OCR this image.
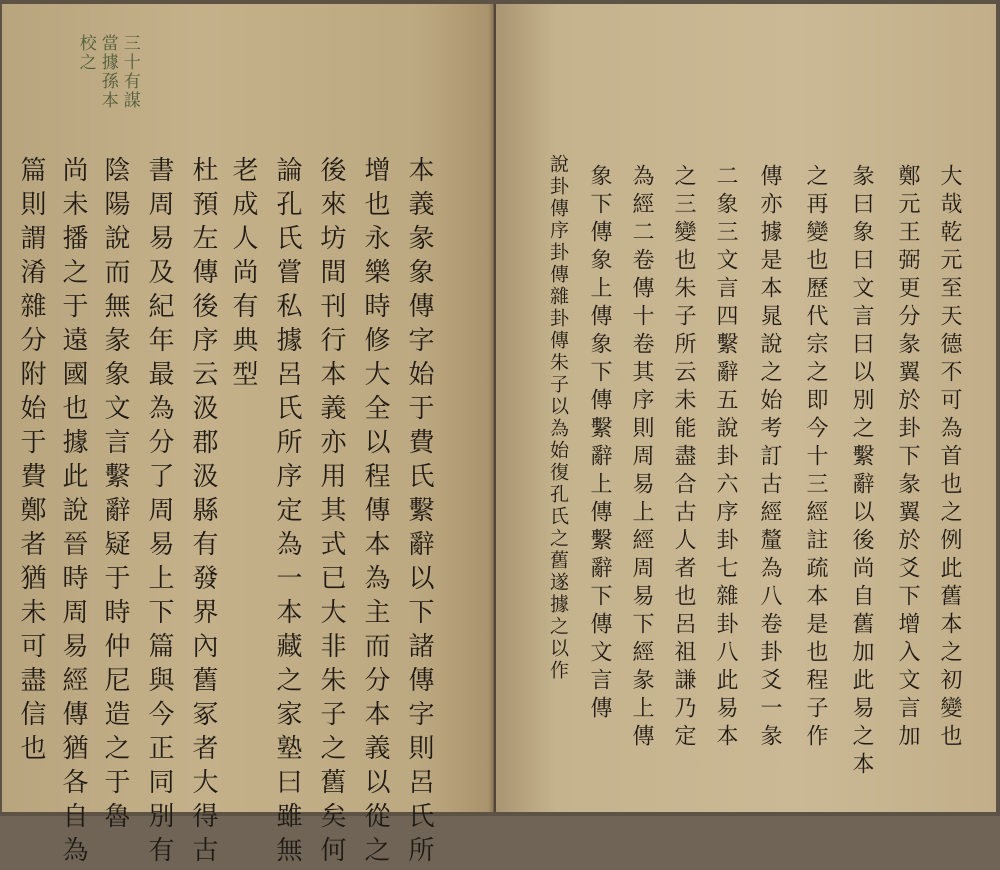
三十有謀
當據孫本
校之
本義彖象傳字始于費氏繫辭以下諸傳字則呂氏所
增也永樂時修大全以程傳本為主而分本義以從之
後來坊間刊行本義亦用其式已大非朱子之舊矣何
論孔氏嘗私據呂氏所序定為一本藏之家塾曰雖無
老成人尚有典型
杜預左傳後序云汲郡汲縣有發界內舊冢者大得古
書周易及紀年最為分了周易上下篇與今正同別有
陰陽說而無彖象文言繫辭疑于時仲尼造之于魯
尚未播之于遠國也據此說晉時周易經傳猶各自為
篇則謂淆雜分附始于費鄭者猶未可盡信也	大哉乾元至天德不可為首也之例此舊本之初變也
鄭元王弼更分彖翼於卦下彖翼於爻下增入文言加
彖曰象曰文言曰以別之繫辭以後尚自舊加此易之本
之再變也歷代宗之即今十三經註疏本是也程子作
傳亦據是本晁說之始考訂古經釐為八卷卦爻一彖
二象三文言四繫辭五說卦六序卦七雜卦八此易本
之三變也朱子所云未能盡合古人者也呂祖謙乃定
為經二卷傳十卷其序則周易上經周易下經彖上傳
象下傳象上傳象下傳繫辭上傳繫辭下傳文言傳
說卦傳序卦傳雜卦傳朱子以為始復孔氏之舊遂據之以作
